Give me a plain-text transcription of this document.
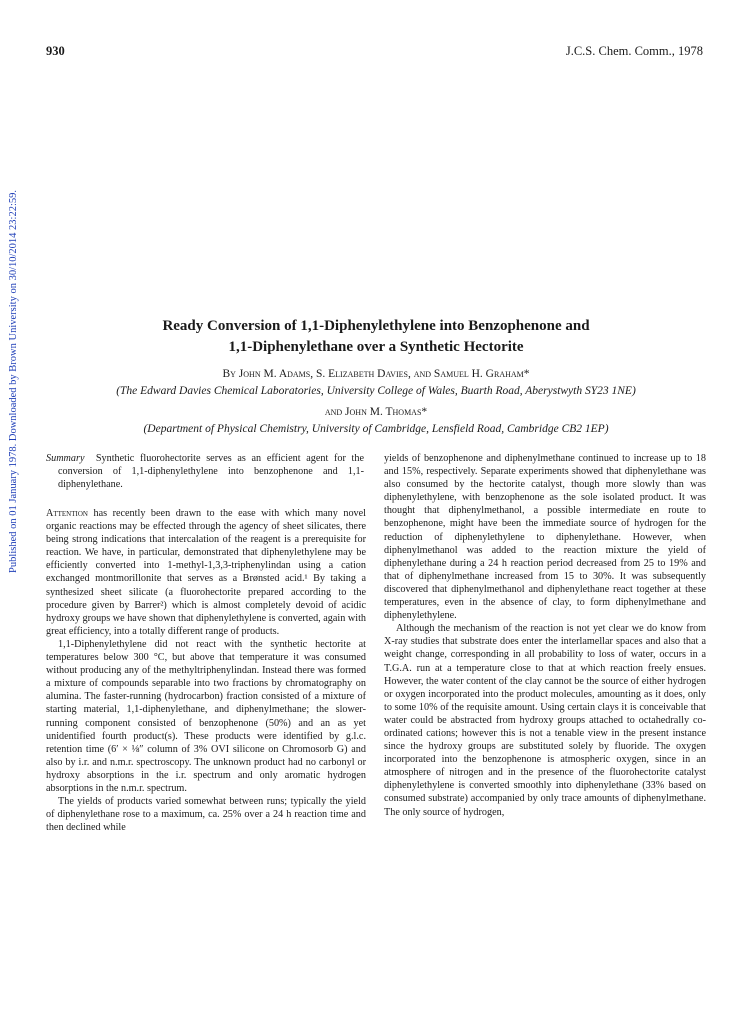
Published on 01 January 1978. Downloaded by Brown University on 30/10/2014 23:22:59.
930	J.C.S. Chem. Comm., 1978
Ready Conversion of 1,1-Diphenylethylene into Benzophenone and
1,1-Diphenylethane over a Synthetic Hectorite
By John M. Adams, S. Elizabeth Davies, and Samuel H. Graham*
(The Edward Davies Chemical Laboratories, University College of Wales, Buarth Road, Aberystwyth SY23 1NE)
and John M. Thomas*
(Department of Physical Chemistry, University of Cambridge, Lensfield Road, Cambridge CB2 1EP)

Summary Synthetic fluorohectorite serves as an efficient agent for the conversion of 1,1-diphenylethylene into benzophenone and 1,1-diphenylethane.

Attention has recently been drawn to the ease with which many novel organic reactions may be effected through the agency of sheet silicates, there being strong indications that intercalation of the reagent is a prerequisite for reaction. We have, in particular, demonstrated that diphenylethylene may be efficiently converted into 1-methyl-1,3,3-triphenylindan using a cation exchanged montmorillonite that serves as a Brønsted acid.¹ By taking a synthesized sheet silicate (a fluorohectorite prepared according to the procedure given by Barrer²) which is almost completely devoid of acidic hydroxy groups we have shown that diphenylethylene is converted, again with great efficiency, into a totally different range of products.

1,1-Diphenylethylene did not react with the synthetic hectorite at temperatures below 300 °C, but above that temperature it was consumed without producing any of the methyltriphenylindan. Instead there was formed a mixture of compounds separable into two fractions by chromatography on alumina. The faster-running (hydrocarbon) fraction consisted of a mixture of starting material, 1,1-diphenylethane, and diphenylmethane; the slower-running component consisted of benzophenone (50%) and an as yet unidentified fourth product(s). These products were identified by g.l.c. retention time (6′ × ⅛″ column of 3% OVI silicone on Chromosorb G) and also by i.r. and n.m.r. spectroscopy. The unknown product had no carbonyl or hydroxy absorptions in the i.r. spectrum and only aromatic hydrogen absorptions in the n.m.r. spectrum.

The yields of products varied somewhat between runs; typically the yield of diphenylethane rose to a maximum, ca. 25% over a 24 h reaction time and then declined while

yields of benzophenone and diphenylmethane continued to increase up to 18 and 15%, respectively. Separate experiments showed that diphenylethane was also consumed by the hectorite catalyst, though more slowly than was diphenylethylene, with benzophenone as the sole isolated product. It was thought that diphenylmethanol, a possible intermediate en route to benzophenone, might have been the immediate source of hydrogen for the reduction of diphenylethylene to diphenylethane. However, when diphenylmethanol was added to the reaction mixture the yield of diphenylethane during a 24 h reaction period decreased from 25 to 19% and that of diphenylmethane increased from 15 to 30%. It was subsequently discovered that diphenylmethanol and diphenylethane react together at these temperatures, even in the absence of clay, to form diphenylmethane and diphenylethylene.

Although the mechanism of the reaction is not yet clear we do know from X-ray studies that substrate does enter the interlamellar spaces and also that a weight change, corresponding in all probability to loss of water, occurs in a T.G.A. run at a temperature close to that at which reaction freely ensues. However, the water content of the clay cannot be the source of either hydrogen or oxygen incorporated into the product molecules, amounting as it does, only to some 10% of the requisite amount. Using certain clays it is conceivable that water could be abstracted from hydroxy groups attached to octahedrally co-ordinated cations; however this is not a tenable view in the present instance since the hydroxy groups are substituted solely by fluoride. The oxygen incorporated into the benzophenone is atmospheric oxygen, since in an atmosphere of nitrogen and in the presence of the fluorohectorite catalyst diphenylethylene is converted smoothly into diphenylethane (33% based on consumed substrate) accompanied by only trace amounts of diphenylmethane. The only source of hydrogen,
